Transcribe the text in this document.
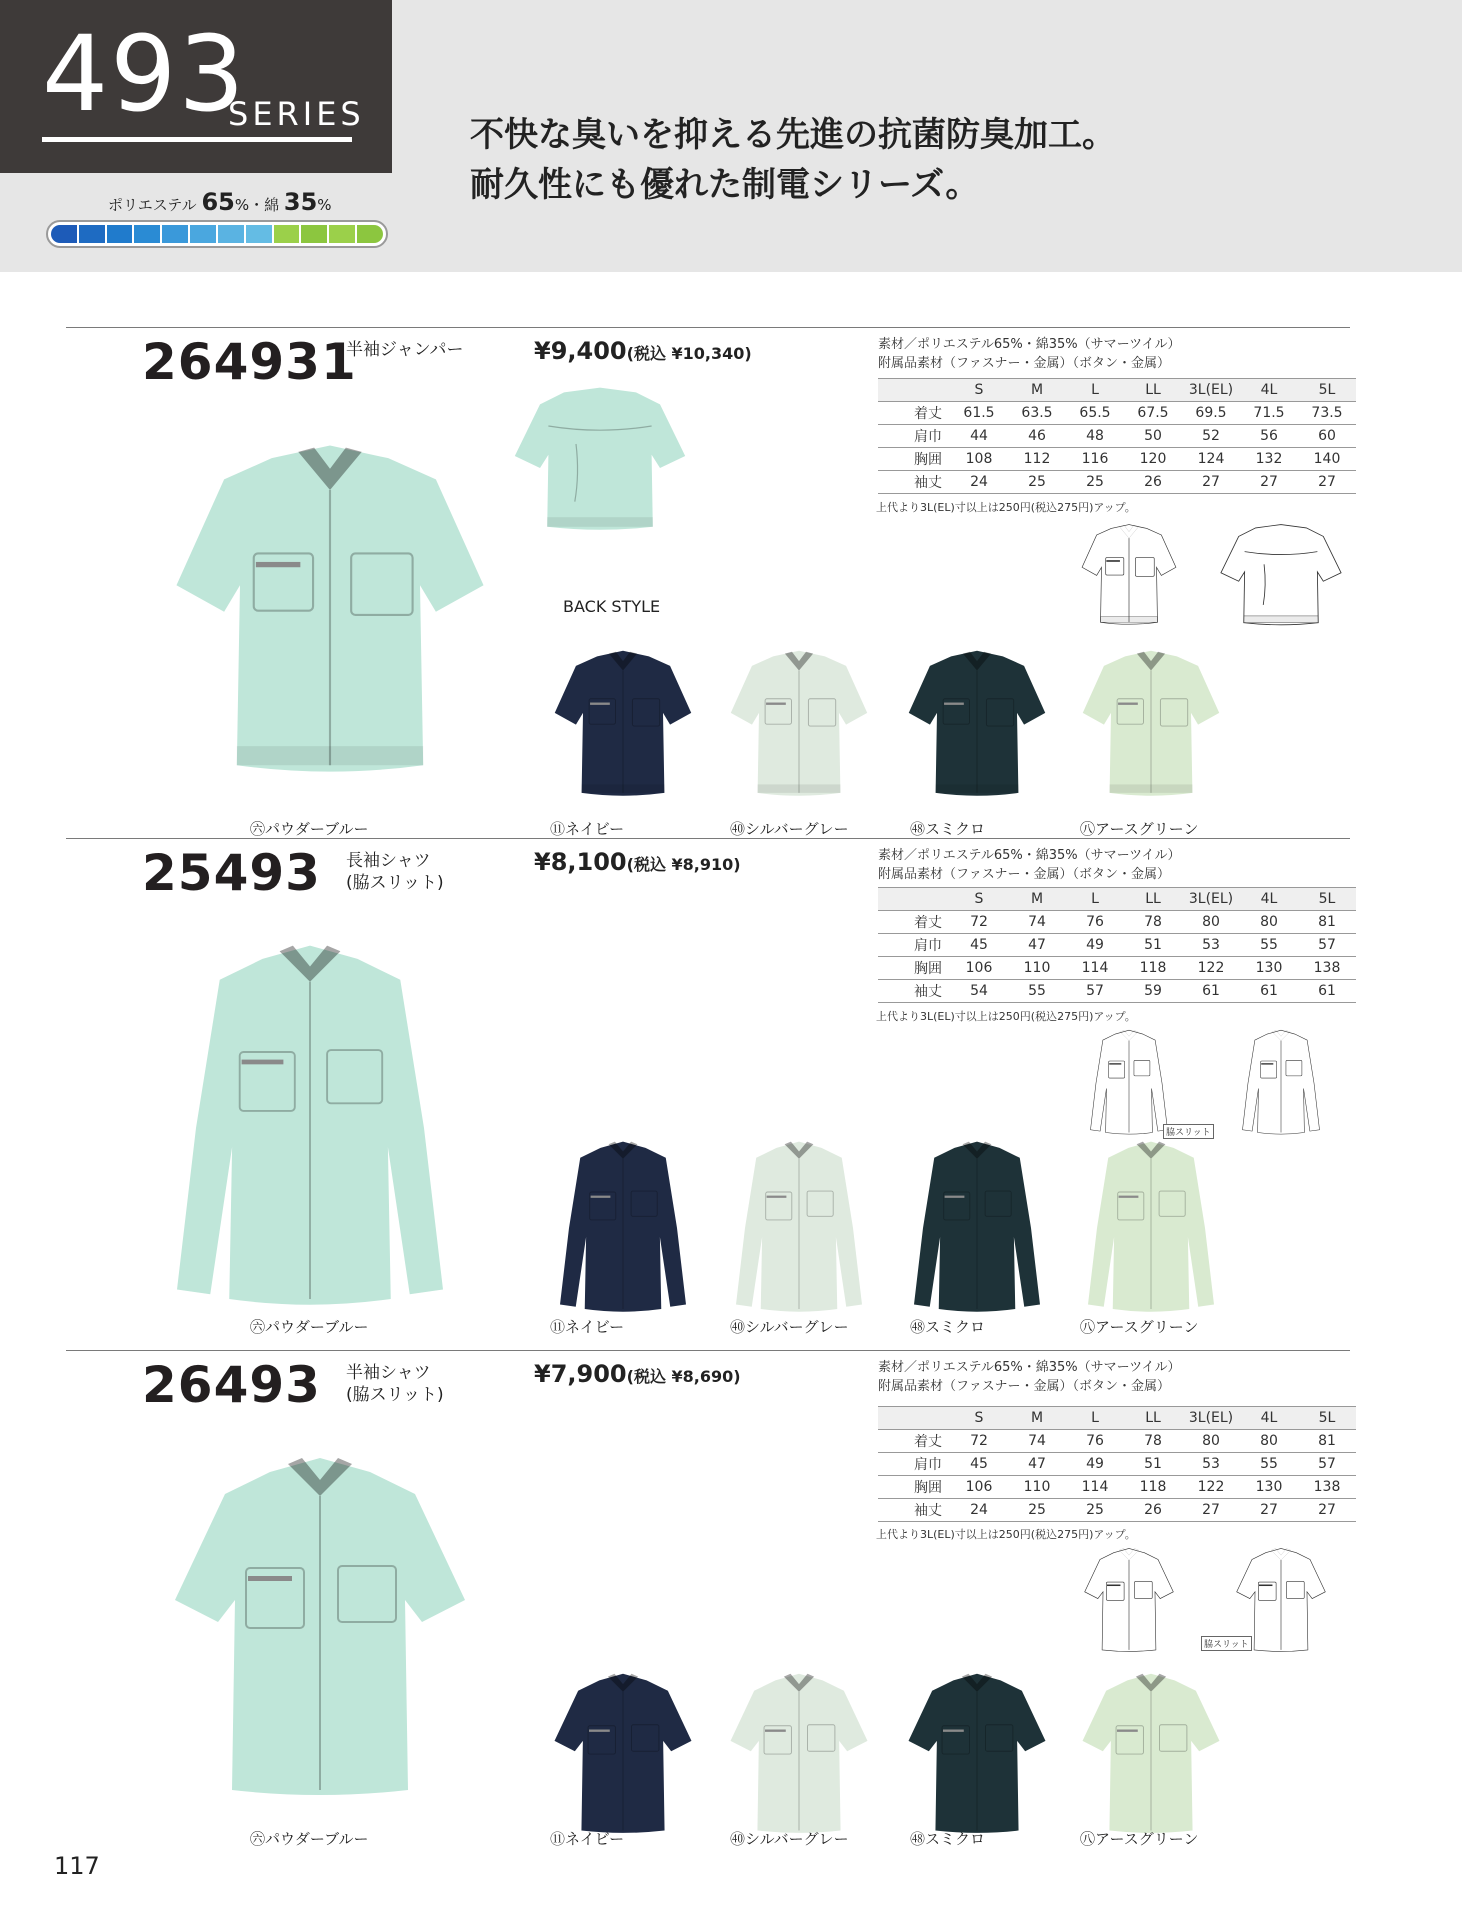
493
SERIES
ポリエステル 65%・綿 35%
不快な臭いを抑える先進の抗菌防臭加工。
耐久性にも優れた制電シリーズ。
264931
半袖ジャンパー	¥9,400(税込 ¥10,340)	素材／ポリエステル65%・綿35%（サマーツイル）
附属品素材（ファスナー・金属）（ボタン・金属）
	S	M	L	LL	3L(EL)	4L	5L
着丈	61.5	63.5	65.5	67.5	69.5	71.5	73.5
肩巾	44	46	48	50	52	56	60
胸囲	108	112	116	120	124	132	140
袖丈	24	25	25	26	27	27	27
上代より3L(EL)寸以上は250円(税込275円)アップ。
BACK STYLE
㊅パウダーブルー	⑪ネイビー	㊵シルバーグレー	㊽スミクロ	㊇アースグリーン
25493 長袖シャツ
(脇スリット)
¥8,100(税込 ¥8,910)	素材／ポリエステル65%・綿35%（サマーツイル）
附属品素材（ファスナー・金属）（ボタン・金属）
	S	M	L	LL	3L(EL)	4L	5L
着丈	72	74	76	78	80	80	81
肩巾	45	47	49	51	53	55	57
胸囲	106	110	114	118	122	130	138
袖丈	54	55	57	59	61	61	61
上代より3L(EL)寸以上は250円(税込275円)アップ。
脇スリット
㊅パウダーブルー	⑪ネイビー	㊵シルバーグレー	㊽スミクロ	㊇アースグリーン
26493 半袖シャツ
(脇スリット)
¥7,900(税込 ¥8,690)	素材／ポリエステル65%・綿35%（サマーツイル）
附属品素材（ファスナー・金属）（ボタン・金属）
	S	M	L	LL	3L(EL)	4L	5L
着丈	72	74	76	78	80	80	81
肩巾	45	47	49	51	53	55	57
胸囲	106	110	114	118	122	130	138
袖丈	24	25	25	26	27	27	27
上代より3L(EL)寸以上は250円(税込275円)アップ。
脇スリット
㊅パウダーブルー	⑪ネイビー	㊵シルバーグレー	㊽スミクロ	㊇アースグリーン
117
